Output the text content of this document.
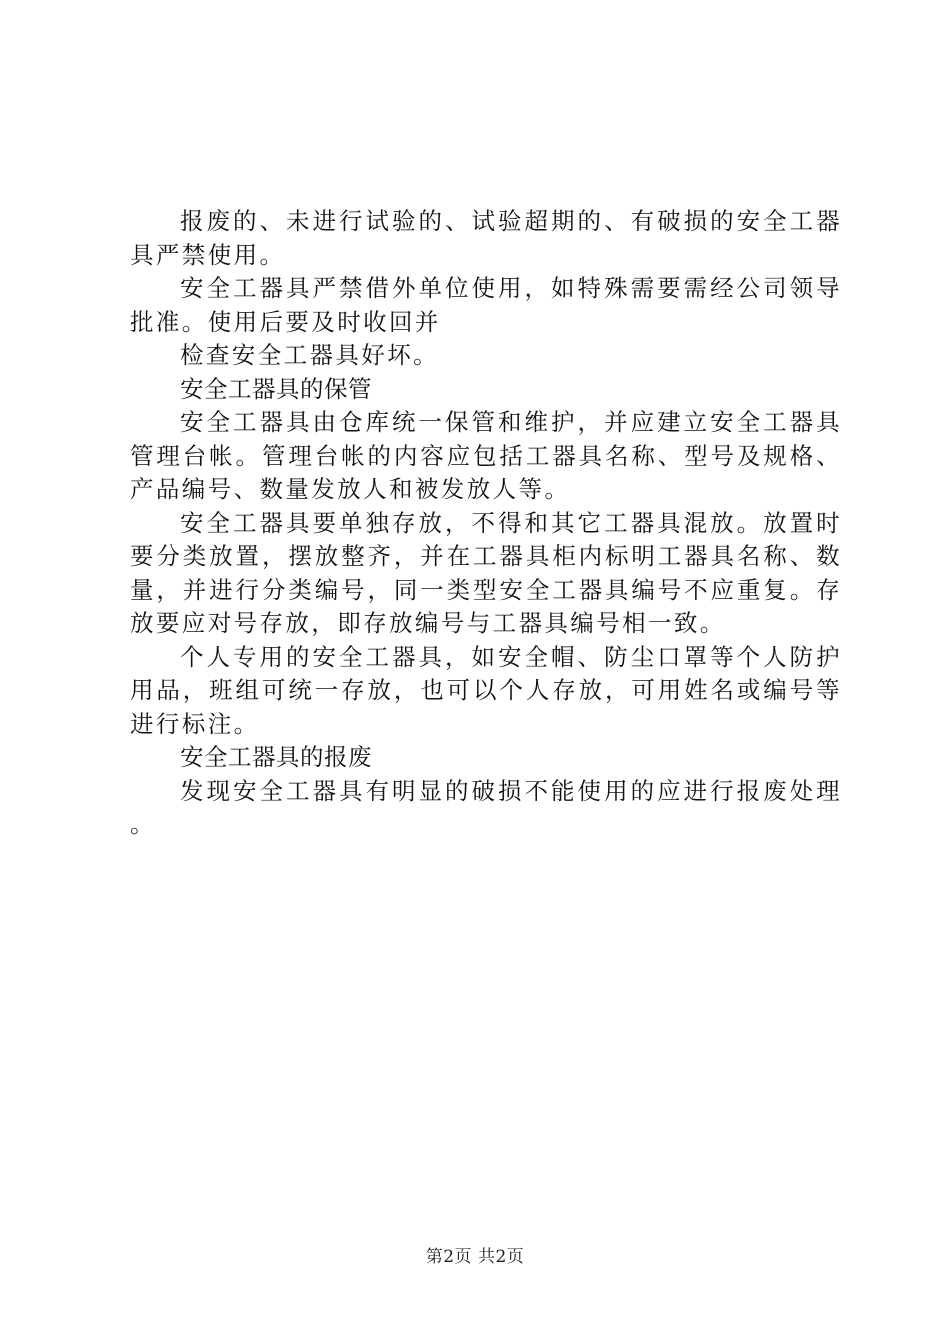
报废的、未进行试验的、试验超期的、有破损的安全工器具严禁使用。

安全工器具严禁借外单位使用，如特殊需要需经公司领导批准。使用后要及时收回并

检查安全工器具好坏。

安全工器具的保管

安全工器具由仓库统一保管和维护，并应建立安全工器具管理台帐。管理台帐的内容应包括工器具名称、型号及规格、产品编号、数量发放人和被发放人等。

安全工器具要单独存放，不得和其它工器具混放。放置时要分类放置，摆放整齐，并在工器具柜内标明工器具名称、数量，并进行分类编号，同一类型安全工器具编号不应重复。存放要应对号存放，即存放编号与工器具编号相一致。

个人专用的安全工器具，如安全帽、防尘口罩等个人防护用品，班组可统一存放，也可以个人存放，可用姓名或编号等进行标注。

安全工器具的报废

发现安全工器具有明显的破损不能使用的应进行报废处理。

第2页 共2页
